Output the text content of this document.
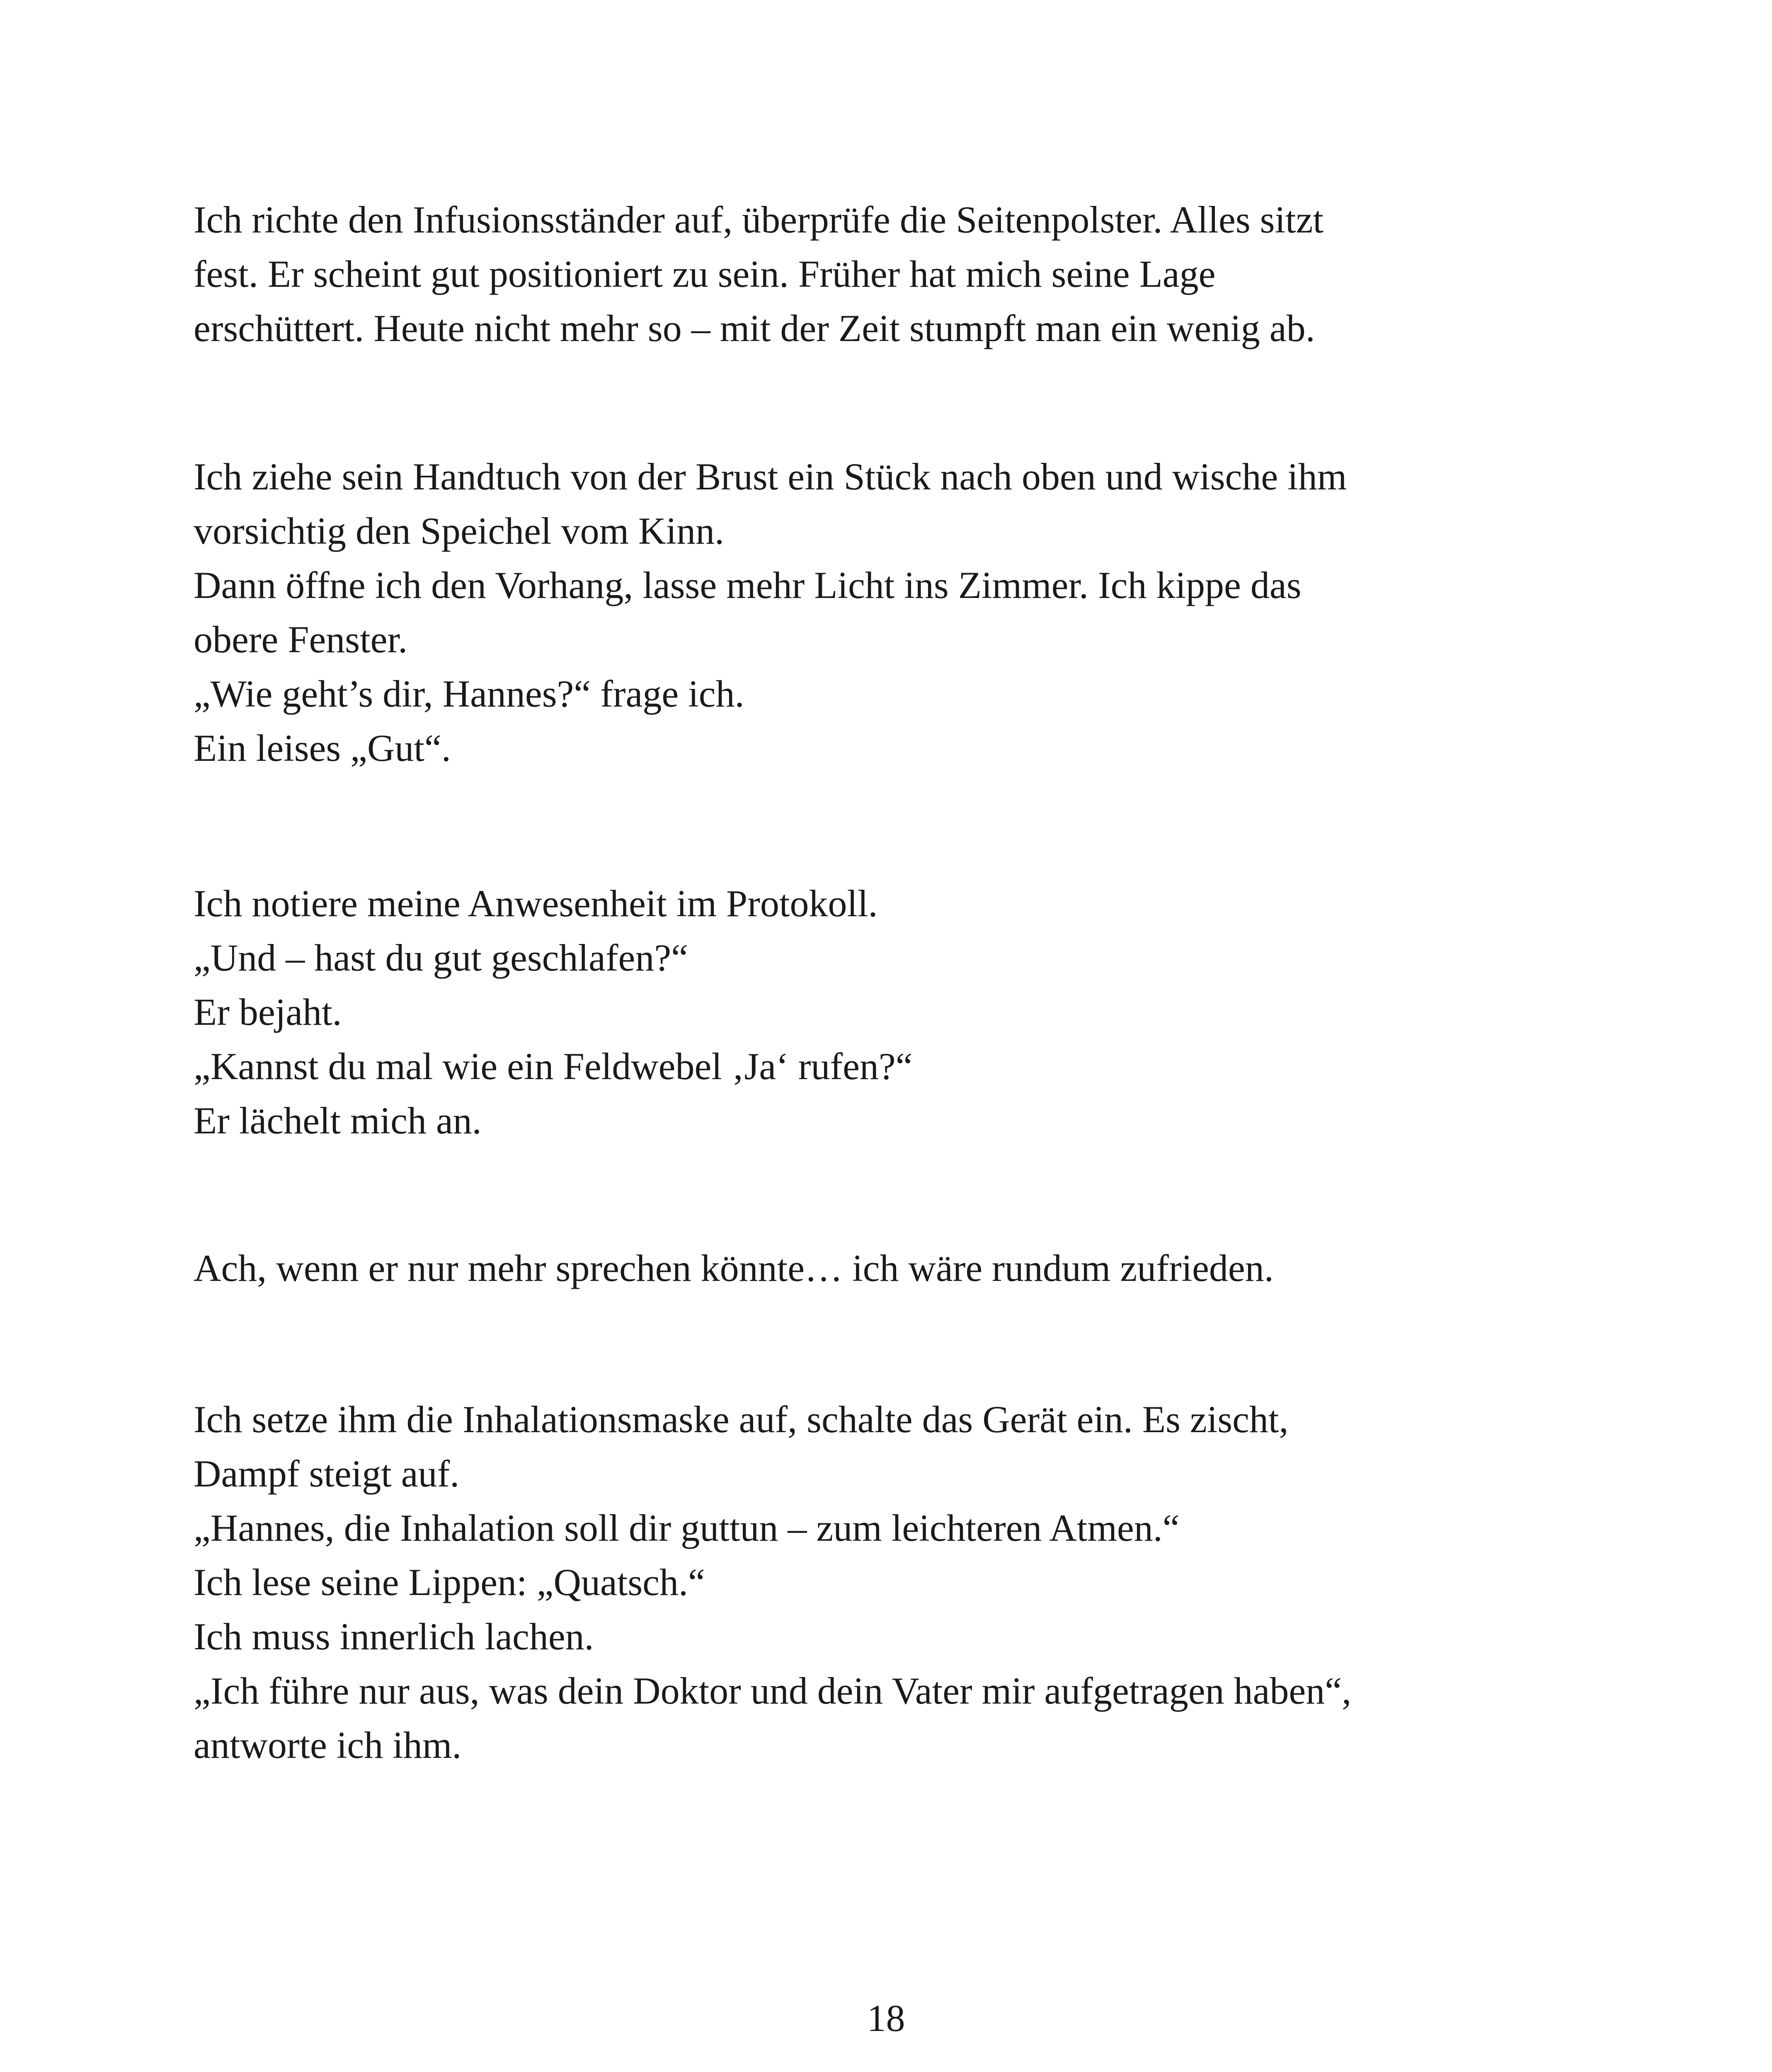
Ich richte den Infusionsständer auf, überprüfe die Seitenpolster. Alles sitzt
fest. Er scheint gut positioniert zu sein. Früher hat mich seine Lage
erschüttert. Heute nicht mehr so – mit der Zeit stumpft man ein wenig ab.
Ich ziehe sein Handtuch von der Brust ein Stück nach oben und wische ihm
vorsichtig den Speichel vom Kinn.
Dann öffne ich den Vorhang, lasse mehr Licht ins Zimmer. Ich kippe das
obere Fenster.
„Wie geht’s dir, Hannes?“ frage ich.
Ein leises „Gut“.
Ich notiere meine Anwesenheit im Protokoll.
„Und – hast du gut geschlafen?“
Er bejaht.
„Kannst du mal wie ein Feldwebel ‚Ja‘ rufen?“
Er lächelt mich an.
Ach, wenn er nur mehr sprechen könnte… ich wäre rundum zufrieden.
Ich setze ihm die Inhalationsmaske auf, schalte das Gerät ein. Es zischt,
Dampf steigt auf.
„Hannes, die Inhalation soll dir guttun – zum leichteren Atmen.“
Ich lese seine Lippen: „Quatsch.“
Ich muss innerlich lachen.
„Ich führe nur aus, was dein Doktor und dein Vater mir aufgetragen haben“,
antworte ich ihm.
18
